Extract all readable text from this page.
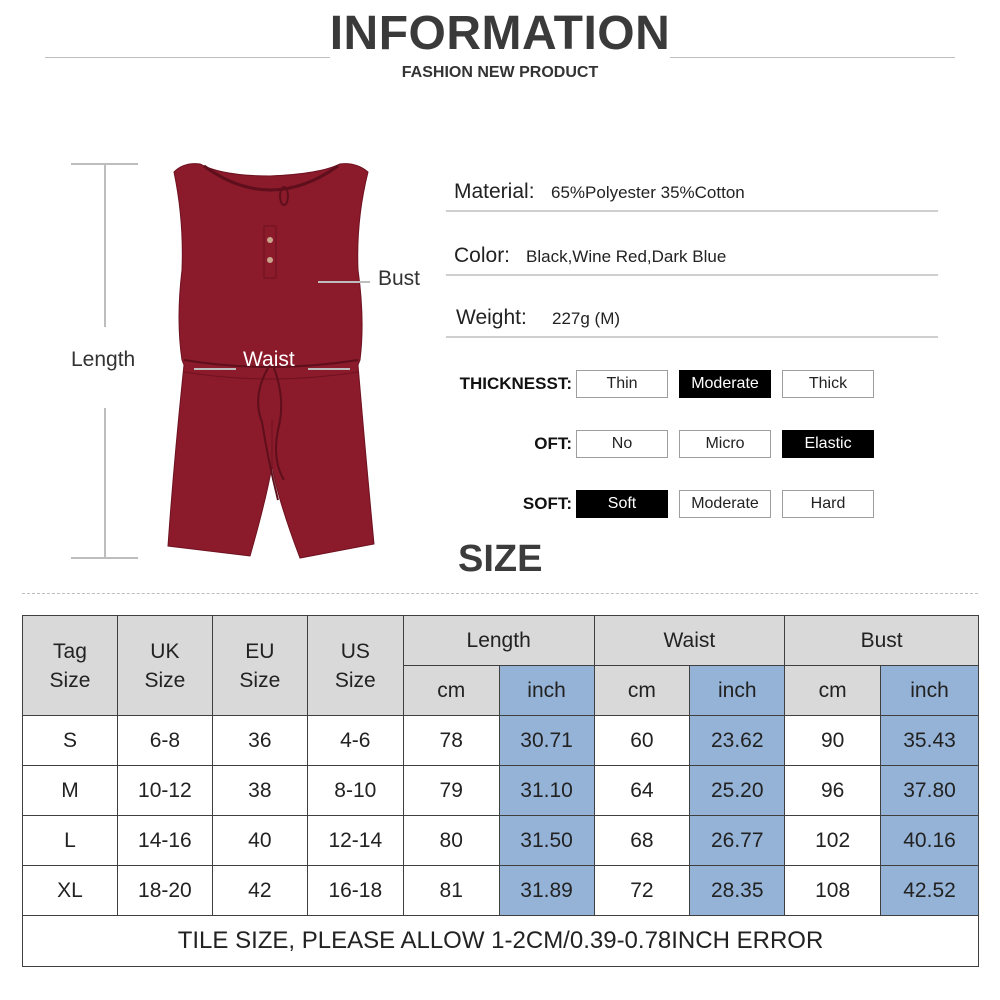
INFORMATION
FASHION NEW PRODUCT
Length	Waist
Bust
Material: 65%Polyester 35%Cotton
Color: Black,Wine Red,Dark Blue
Weight: 227g (M)
THICKNESST:	Thin	Moderate	Thick
OFT:	No	Micro	Elastic
SOFT:	Soft	Moderate	Hard
SIZE
Tag Size	UK Size	EU Size	US Size	Length		Waist		Bust	
				cm	inch	cm	inch	cm	inch
S	6-8	36	4-6	78	30.71	60	23.62	90	35.43
M	10-12	38	8-10	79	31.10	64	25.20	96	37.80
L	14-16	40	12-14	80	31.50	68	26.77	102	40.16
XL	18-20	42	16-18	81	31.89	72	28.35	108	42.52
TILE SIZE, PLEASE ALLOW 1-2CM/0.39-0.78INCH ERROR									
